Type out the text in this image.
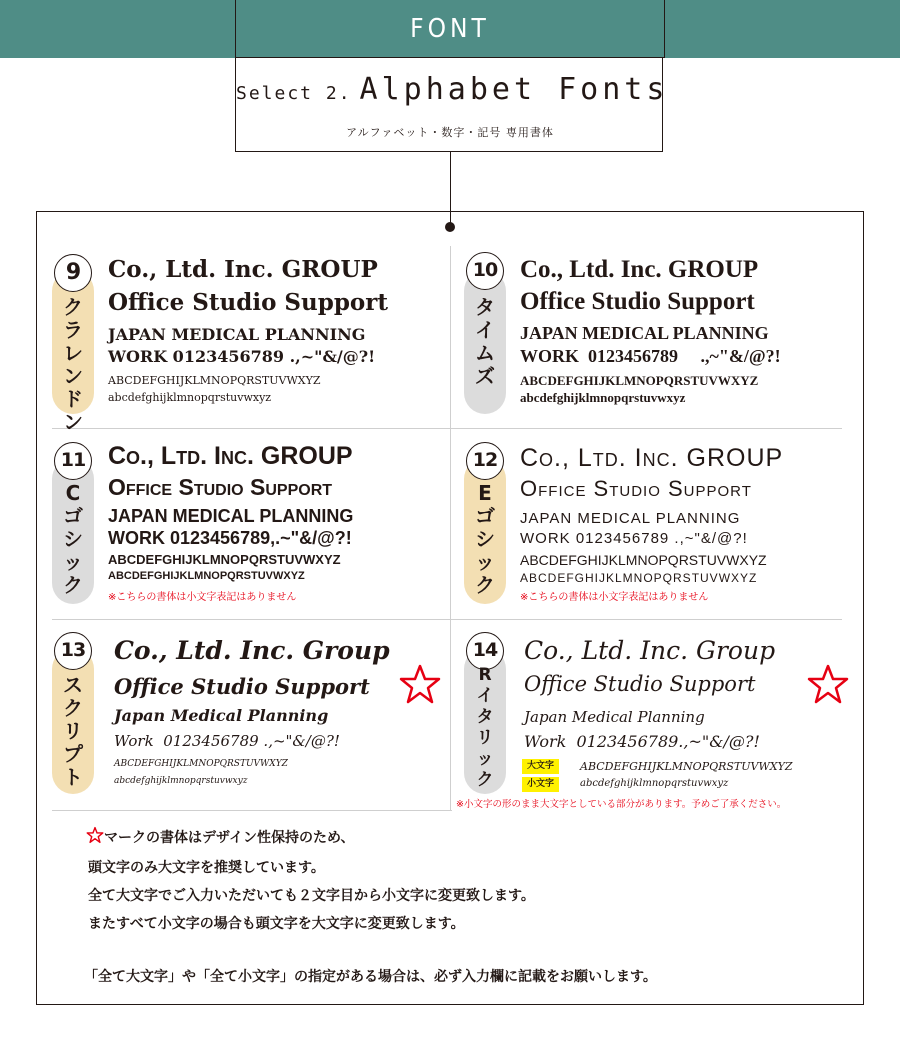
FONT
Select 2. Alphabet Fonts
アルファベット・数字・記号 専用書体
9
ク
ラ
レ
ン
ド
ン
Co., Ltd. Inc. GROUP
Office Studio Support
JAPAN MEDICAL PLANNING
WORK 0123456789 .,~"&/@?!
ABCDEFGHIJKLMNOPQRSTUVWXYZ
abcdefghijklmnopqrstuvwxyz
10
タ
イ
ム
ズ
Co., Ltd. Inc. GROUP
Office Studio Support
JAPAN MEDICAL PLANNING
WORK  0123456789     .,~"&/@?!
ABCDEFGHIJKLMNOPQRSTUVWXYZ
abcdefghijklmnopqrstuvwxyz
11
C
ゴ
シ
ッ
ク
Co., Ltd. Inc. GROUP
Office Studio Support
JAPAN MEDICAL PLANNING
WORK 0123456789,.~"&/@?!
ABCDEFGHIJKLMNOPQRSTUVWXYZ
ABCDEFGHIJKLMNOPQRSTUVWXYZ
※こちらの書体は小文字表記はありません
12
E
ゴ
シ
ッ
ク
Co., Ltd. Inc. GROUP
Office Studio Support
JAPAN MEDICAL PLANNING
WORK 0123456789 .,~"&/@?!
ABCDEFGHIJKLMNOPQRSTUVWXYZ
ABCDEFGHIJKLMNOPQRSTUVWXYZ
※こちらの書体は小文字表記はありません
13
ス
ク
リ
プ
ト
Co., Ltd. Inc. Group
Office Studio Support
Japan Medical Planning
Work  0123456789 .,~"&/@?!
ABCDEFGHIJKLMNOPQRSTUVWXYZ
abcdefghijklmnopqrstuvwxyz
14
R
イ
タ
リ
ッ
ク
Co., Ltd. Inc. Group
Office Studio Support
Japan Medical Planning
Work  0123456789.,~"&/@?!
大文字	ABCDEFGHIJKLMNOPQRSTUVWXYZ
小文字	abcdefghijklmnopqrstuvwxyz
※小文字の形のまま大文字としている部分があります。予めご了承ください。
マークの書体はデザイン性保持のため、
頭文字のみ大文字を推奨しています。
全て大文字でご入力いただいても２文字目から小文字に変更致します。
またすべて小文字の場合も頭文字を大文字に変更致します。
「全て大文字」や「全て小文字」の指定がある場合は、必ず入力欄に記載をお願いします。
